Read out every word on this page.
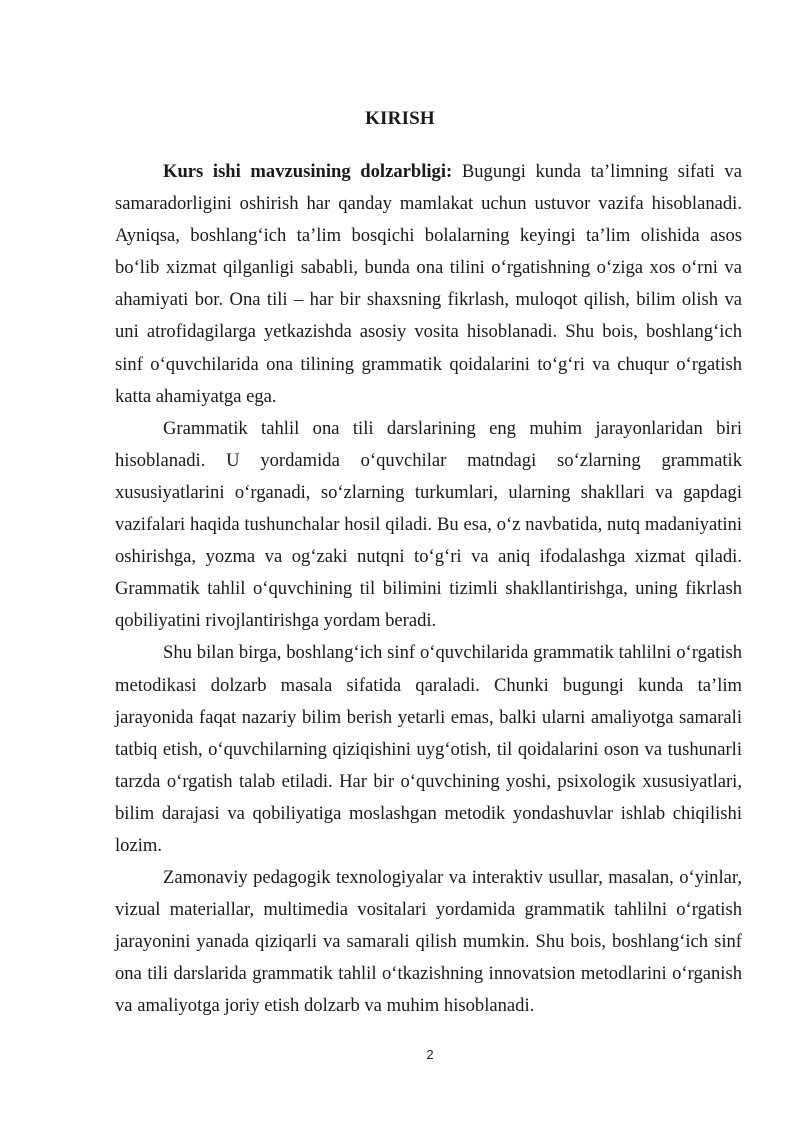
KIRISH

Kurs ishi mavzusining dolzarbligi: Bugungi kunda ta’limning sifati va samaradorligini oshirish har qanday mamlakat uchun ustuvor vazifa hisoblanadi. Ayniqsa, boshlang‘ich ta’lim bosqichi bolalarning keyingi ta’lim olishida asos bo‘lib xizmat qilganligi sababli, bunda ona tilini o‘rgatishning o‘ziga xos o‘rni va ahamiyati bor. Ona tili – har bir shaxsning fikrlash, muloqot qilish, bilim olish va uni atrofidagilarga yetkazishda asosiy vosita hisoblanadi. Shu bois, boshlang‘ich sinf o‘quvchilarida ona tilining grammatik qoidalarini to‘g‘ri va chuqur o‘rgatish katta ahamiyatga ega.

Grammatik tahlil ona tili darslarining eng muhim jarayonlaridan biri hisoblanadi. U yordamida o‘quvchilar matndagi so‘zlarning grammatik xususiyatlarini o‘rganadi, so‘zlarning turkumlari, ularning shakllari va gapdagi vazifalari haqida tushunchalar hosil qiladi. Bu esa, o‘z navbatida, nutq madaniyatini oshirishga, yozma va og‘zaki nutqni to‘g‘ri va aniq ifodalashga xizmat qiladi. Grammatik tahlil o‘quvchining til bilimini tizimli shakllantirishga, uning fikrlash qobiliyatini rivojlantirishga yordam beradi.

Shu bilan birga, boshlang‘ich sinf o‘quvchilarida grammatik tahlilni o‘rgatish metodikasi dolzarb masala sifatida qaraladi. Chunki bugungi kunda ta’lim jarayonida faqat nazariy bilim berish yetarli emas, balki ularni amaliyotga samarali tatbiq etish, o‘quvchilarning qiziqishini uyg‘otish, til qoidalarini oson va tushunarli tarzda o‘rgatish talab etiladi. Har bir o‘quvchining yoshi, psixologik xususiyatlari, bilim darajasi va qobiliyatiga moslashgan metodik yondashuvlar ishlab chiqilishi lozim.

Zamonaviy pedagogik texnologiyalar va interaktiv usullar, masalan, o‘yinlar, vizual materiallar, multimedia vositalari yordamida grammatik tahlilni o‘rgatish jarayonini yanada qiziqarli va samarali qilish mumkin. Shu bois, boshlang‘ich sinf ona tili darslarida grammatik tahlil o‘tkazishning innovatsion metodlarini o‘rganish va amaliyotga joriy etish dolzarb va muhim hisoblanadi.

2
